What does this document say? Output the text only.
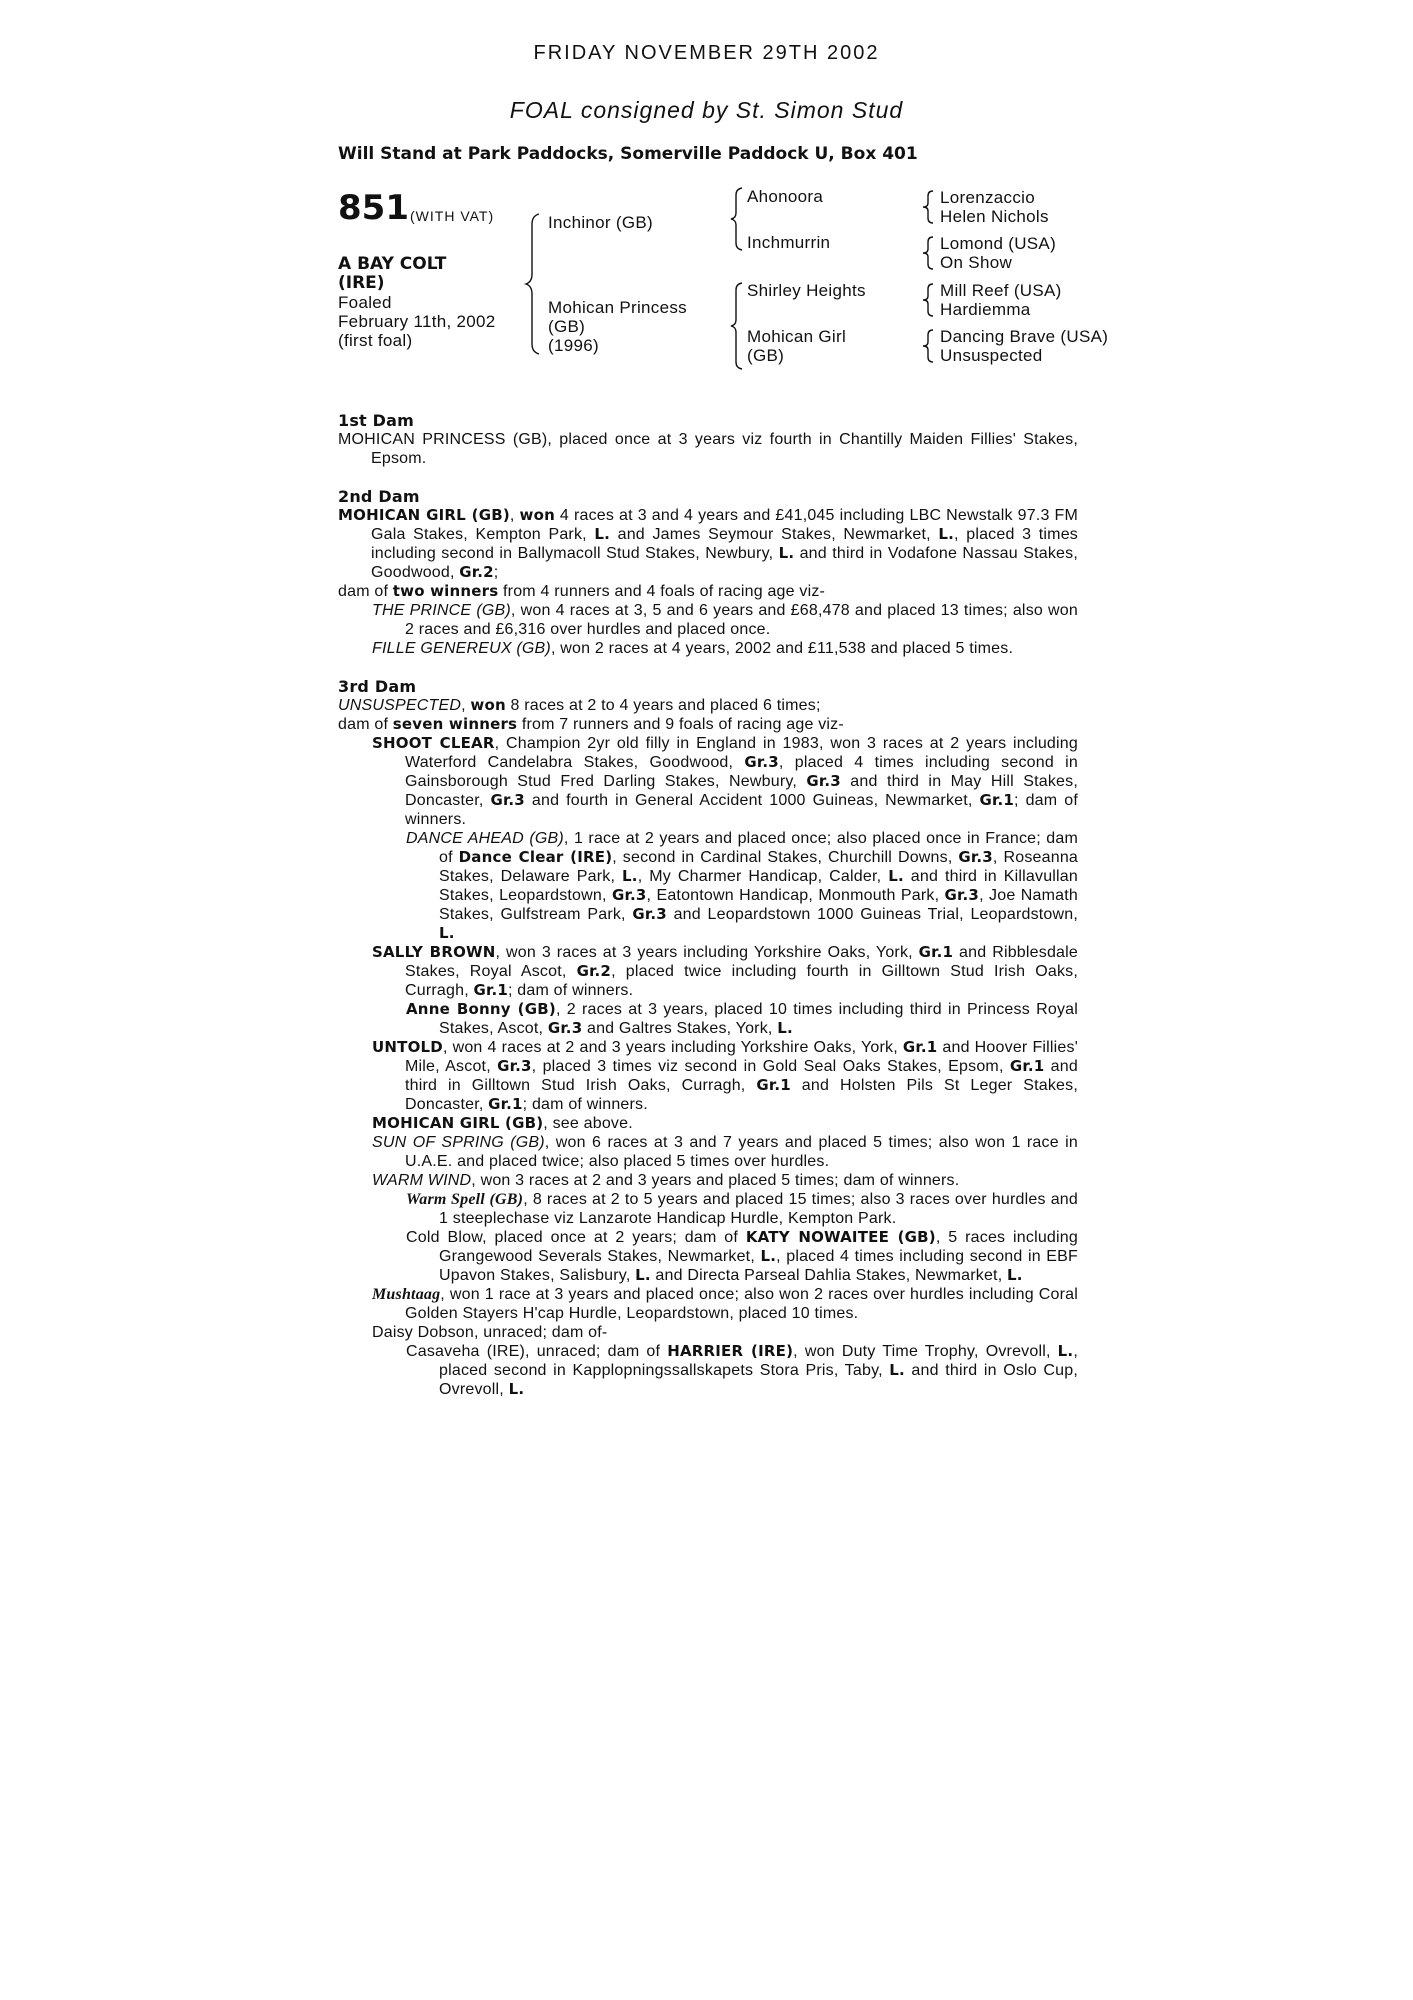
FRIDAY NOVEMBER 29TH 2002
FOAL consigned by St. Simon Stud
Will Stand at Park Paddocks, Somerville Paddock U, Box 401
851 (WITH VAT)
A BAY COLT
(IRE)
Foaled
February 11th, 2002
(first foal)
Inchinor (GB)
Mohican Princess
(GB)
(1996)
Ahonoora
Inchmurrin
Shirley Heights
Mohican Girl
(GB)
Lorenzaccio
Helen Nichols
Lomond (USA)
On Show
Mill Reef (USA)
Hardiemma
Dancing Brave (USA)
Unsuspected

1st Dam

MOHICAN PRINCESS (GB), placed once at 3 years viz fourth in Chantilly Maiden Fillies' Stakes, Epsom.

2nd Dam

MOHICAN GIRL (GB), won 4 races at 3 and 4 years and £41,045 including LBC Newstalk 97.3 FM Gala Stakes, Kempton Park, L. and James Seymour Stakes, Newmarket, L., placed 3 times including second in Ballymacoll Stud Stakes, Newbury, L. and third in Vodafone Nassau Stakes, Goodwood, Gr.2;

dam of two winners from 4 runners and 4 foals of racing age viz-

THE PRINCE (GB), won 4 races at 3, 5 and 6 years and £68,478 and placed 13 times; also won 2 races and £6,316 over hurdles and placed once.

FILLE GENEREUX (GB), won 2 races at 4 years, 2002 and £11,538 and placed 5 times.

3rd Dam

UNSUSPECTED, won 8 races at 2 to 4 years and placed 6 times;

dam of seven winners from 7 runners and 9 foals of racing age viz-

SHOOT CLEAR, Champion 2yr old filly in England in 1983, won 3 races at 2 years including Waterford Candelabra Stakes, Goodwood, Gr.3, placed 4 times including second in Gainsborough Stud Fred Darling Stakes, Newbury, Gr.3 and third in May Hill Stakes, Doncaster, Gr.3 and fourth in General Accident 1000 Guineas, Newmarket, Gr.1; dam of winners.

DANCE AHEAD (GB), 1 race at 2 years and placed once; also placed once in France; dam of Dance Clear (IRE), second in Cardinal Stakes, Churchill Downs, Gr.3, Roseanna Stakes, Delaware Park, L., My Charmer Handicap, Calder, L. and third in Killavullan Stakes, Leopardstown, Gr.3, Eatontown Handicap, Monmouth Park, Gr.3, Joe Namath Stakes, Gulfstream Park, Gr.3 and Leopardstown 1000 Guineas Trial, Leopardstown, L.

SALLY BROWN, won 3 races at 3 years including Yorkshire Oaks, York, Gr.1 and Ribblesdale Stakes, Royal Ascot, Gr.2, placed twice including fourth in Gilltown Stud Irish Oaks, Curragh, Gr.1; dam of winners.

Anne Bonny (GB), 2 races at 3 years, placed 10 times including third in Princess Royal Stakes, Ascot, Gr.3 and Galtres Stakes, York, L.

UNTOLD, won 4 races at 2 and 3 years including Yorkshire Oaks, York, Gr.1 and Hoover Fillies' Mile, Ascot, Gr.3, placed 3 times viz second in Gold Seal Oaks Stakes, Epsom, Gr.1 and third in Gilltown Stud Irish Oaks, Curragh, Gr.1 and Holsten Pils St Leger Stakes, Doncaster, Gr.1; dam of winners.

MOHICAN GIRL (GB), see above.

SUN OF SPRING (GB), won 6 races at 3 and 7 years and placed 5 times; also won 1 race in U.A.E. and placed twice; also placed 5 times over hurdles.

WARM WIND, won 3 races at 2 and 3 years and placed 5 times; dam of winners.

Warm Spell (GB), 8 races at 2 to 5 years and placed 15 times; also 3 races over hurdles and 1 steeplechase viz Lanzarote Handicap Hurdle, Kempton Park.

Cold Blow, placed once at 2 years; dam of KATY NOWAITEE (GB), 5 races including Grangewood Severals Stakes, Newmarket, L., placed 4 times including second in EBF Upavon Stakes, Salisbury, L. and Directa Parseal Dahlia Stakes, Newmarket, L.

Mushtaag, won 1 race at 3 years and placed once; also won 2 races over hurdles including Coral Golden Stayers H'cap Hurdle, Leopardstown, placed 10 times.

Daisy Dobson, unraced; dam of-

Casaveha (IRE), unraced; dam of HARRIER (IRE), won Duty Time Trophy, Ovrevoll, L., placed second in Kapplopningssallskapets Stora Pris, Taby, L. and third in Oslo Cup, Ovrevoll, L.
